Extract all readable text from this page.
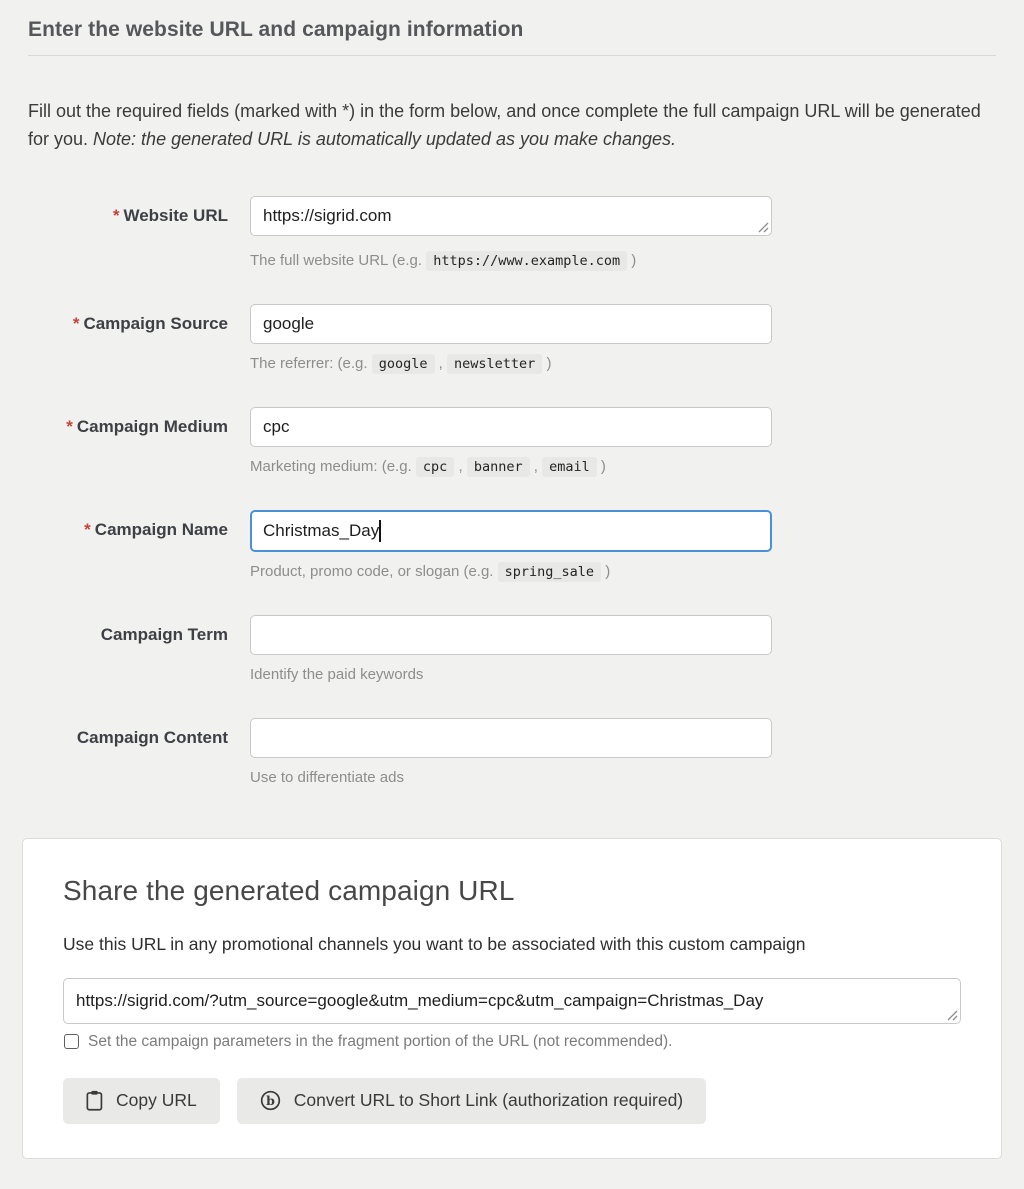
Enter the website URL and campaign information

Fill out the required fields (marked with *) in the form below, and once complete the full campaign URL will be generated for you. Note: the generated URL is automatically updated as you make changes.

* Website URL
https://sigrid.com
The full website URL (e.g. https://www.example.com )
* Campaign Source
google
The referrer: (e.g. google , newsletter )
* Campaign Medium
cpc
Marketing medium: (e.g. cpc , banner , email )
* Campaign Name
Christmas_Day
Product, promo code, or slogan (e.g. spring_sale )
Campaign Term
Identify the paid keywords
Campaign Content
Use to differentiate ads
Share the generated campaign URL

Use this URL in any promotional channels you want to be associated with this custom campaign

https://sigrid.com/?utm_source=google&utm_medium=cpc&utm_campaign=Christmas_Day
Set the campaign parameters in the fragment portion of the URL (not recommended).
Copy URL	b Convert URL to Short Link (authorization required)
